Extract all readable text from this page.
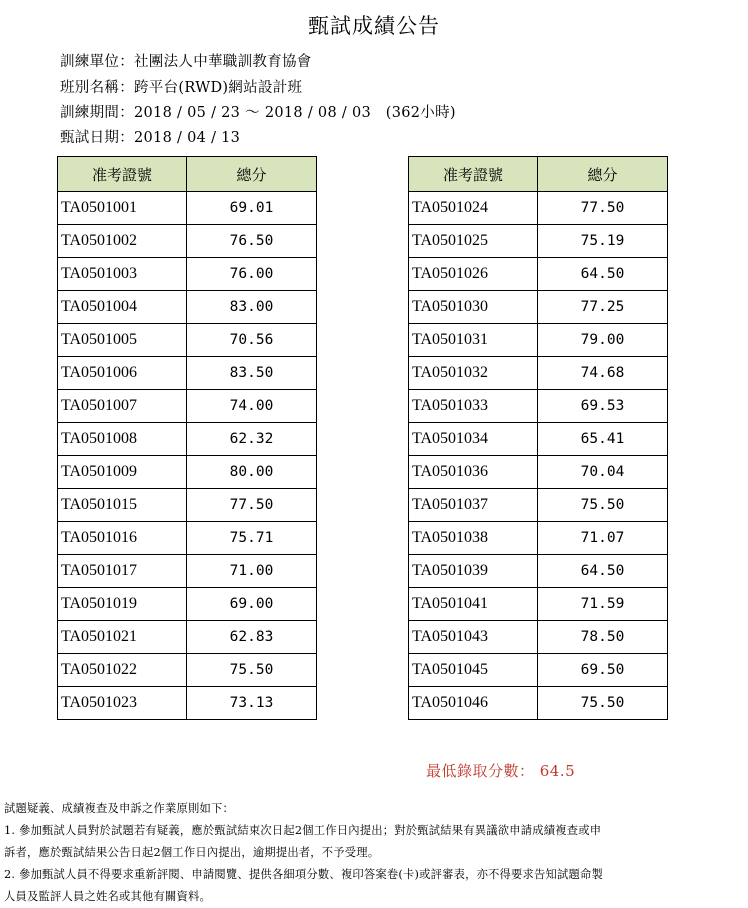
甄試成績公告
訓練單位：社團法人中華職訓教育協會
班別名稱：跨平台(RWD)網站設計班
訓練期間：2018 / 05 / 23 ～ 2018 / 08 / 03   (362小時)
甄試日期：2018 / 04 / 13
准考證號	總分
TA0501001	69.01
TA0501002	76.50
TA0501003	76.00
TA0501004	83.00
TA0501005	70.56
TA0501006	83.50
TA0501007	74.00
TA0501008	62.32
TA0501009	80.00
TA0501015	77.50
TA0501016	75.71
TA0501017	71.00
TA0501019	69.00
TA0501021	62.83
TA0501022	75.50
TA0501023	73.13
准考證號	總分
TA0501024	77.50
TA0501025	75.19
TA0501026	64.50
TA0501030	77.25
TA0501031	79.00
TA0501032	74.68
TA0501033	69.53
TA0501034	65.41
TA0501036	70.04
TA0501037	75.50
TA0501038	71.07
TA0501039	64.50
TA0501041	71.59
TA0501043	78.50
TA0501045	69.50
TA0501046	75.50
最低錄取分數： 64.5
試題疑義、成績複查及申訴之作業原則如下：
1. 參加甄試人員對於試題若有疑義，應於甄試結束次日起2個工作日內提出；對於甄試結果有異議欲申請成績複查或申
訴者，應於甄試結果公告日起2個工作日內提出，逾期提出者，不予受理。
2. 參加甄試人員不得要求重新評閱、申請閱覽、提供各細項分數、複印答案卷(卡)或評審表，亦不得要求告知試題命製
人員及監評人員之姓名或其他有關資料。
